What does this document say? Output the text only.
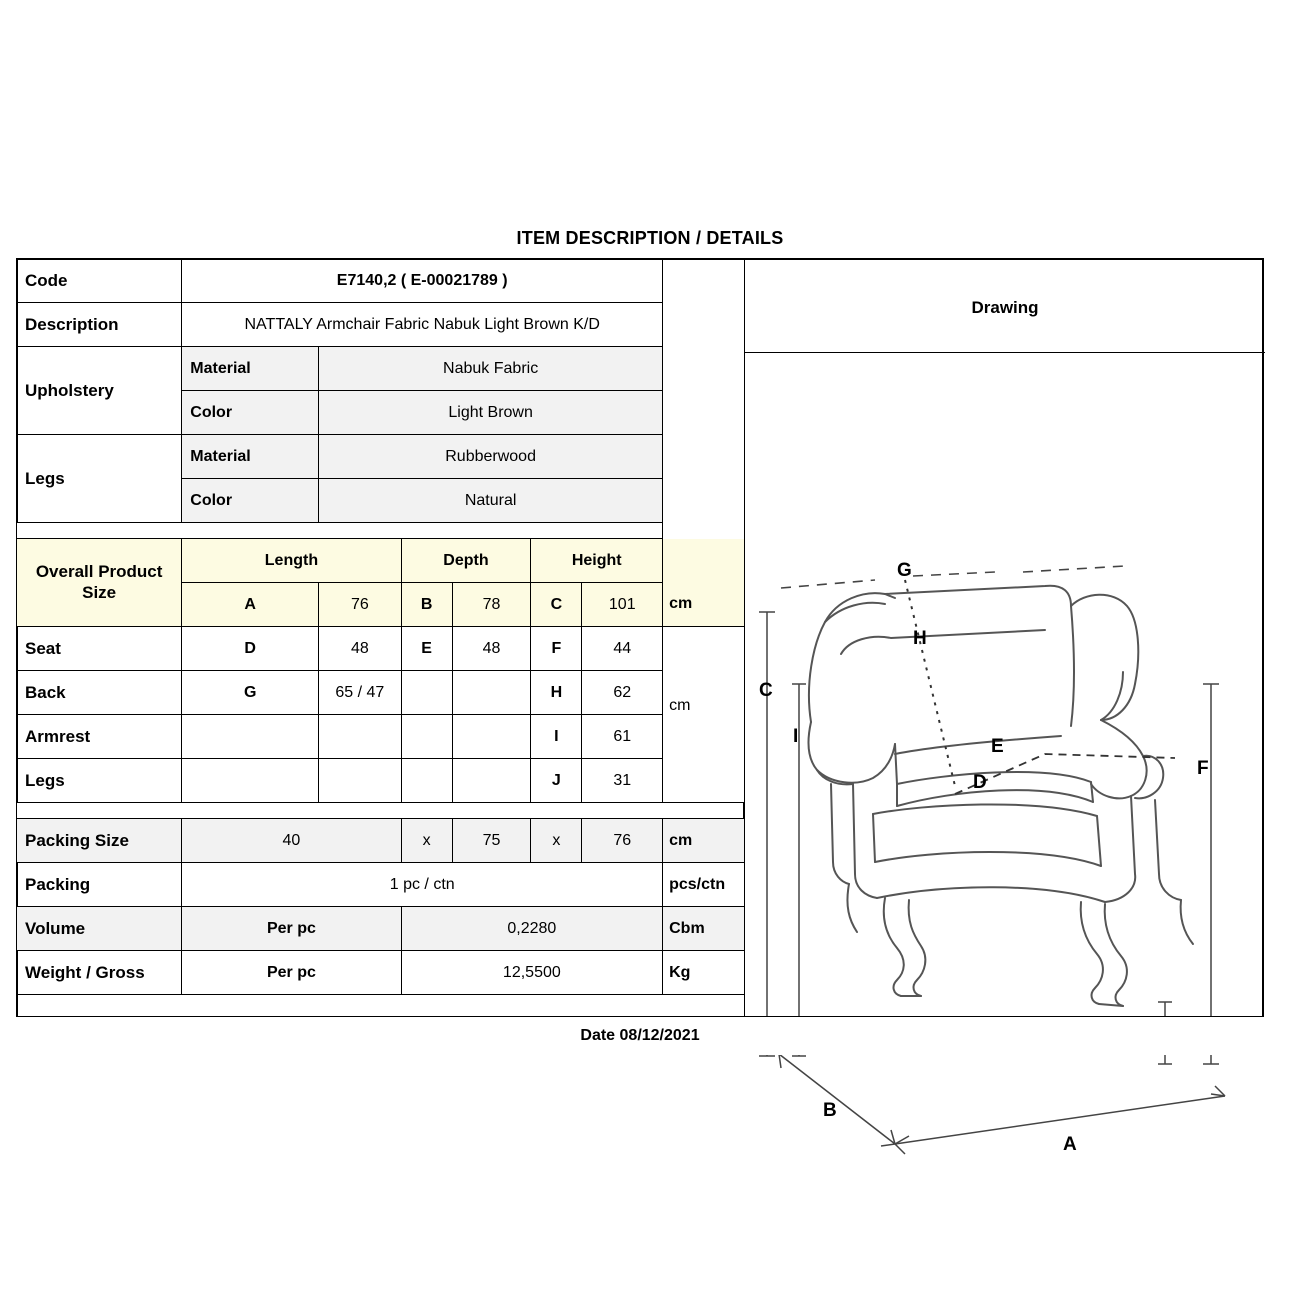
ITEM DESCRIPTION / DETAILS
Code	E7140,2 ( E-00021789 )						
Description	NATTALY Armchair Fabric Nabuk Light Brown K/D						
Upholstery	Material	Nabuk Fabric					
	Color	Light Brown					
Legs	Material	Rubberwood					
	Color	Natural					

Overall Product Size	Length		Depth		Height		
	A	76	B	78	C	101	cm
Seat	D	48	E	48	F	44	
Back	G	65 / 47			H	62	cm
Armrest					I	61	
Legs					J	31	

Packing Size	40		x	75	x	76	cm
Packing	1 pc / ctn						pcs/ctn
Volume	Per pc		0,2280				Cbm
Weight / Gross	Per pc		12,5500				Kg
Drawing
C
I
G
H
E
D
F
B
A
Date 08/12/2021
